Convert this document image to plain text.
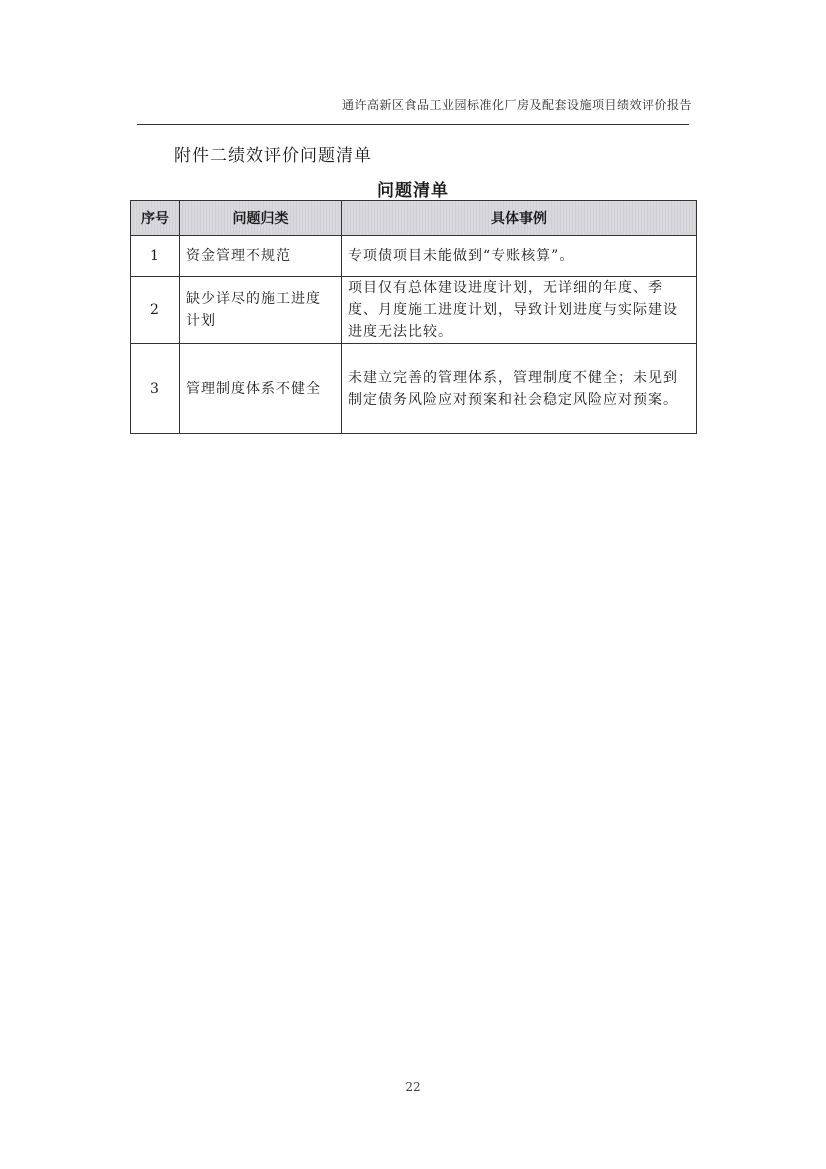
通许高新区食品工业园标准化厂房及配套设施项目绩效评价报告
附件二绩效评价问题清单
问题清单
序号	问题归类	具体事例
1	资金管理不规范	专项债项目未能做到“专账核算”。
2	缺少详尽的施工进度计划	项目仅有总体建设进度计划，无详细的年度、季度、月度施工进度计划，导致计划进度与实际建设进度无法比较。
3	管理制度体系不健全	未建立完善的管理体系，管理制度不健全；未见到制定债务风险应对预案和社会稳定风险应对预案。
22
